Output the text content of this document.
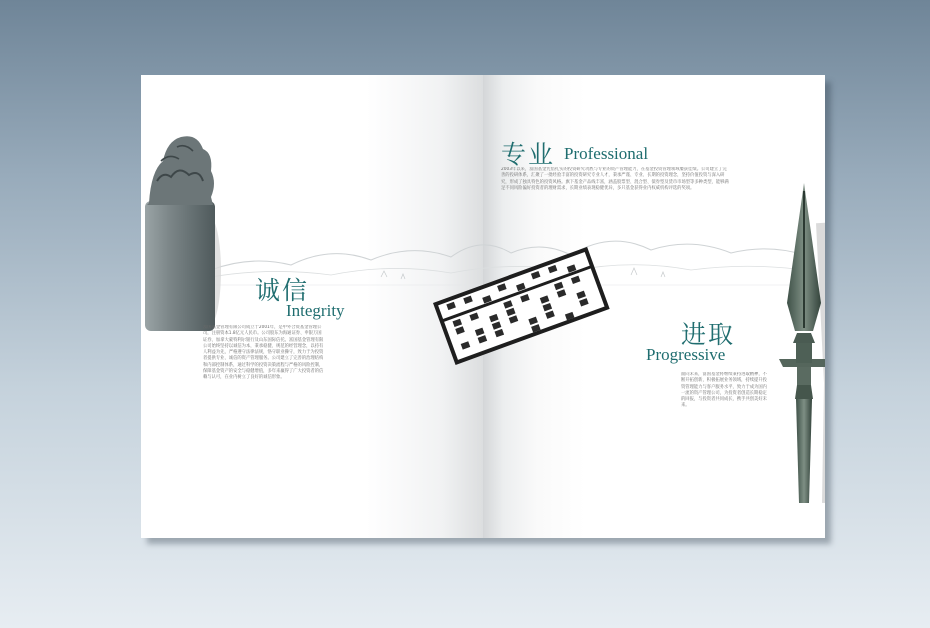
诚信
Integrity
富国基金管理有限公司成立于2001年，是中外合资基金管理公司，注册资本1.8亿元人民币。公司股东为海通证券、申银万国证券、加拿大蒙特利尔银行及山东国际信托。富国基金管理有限公司始终坚持以诚信为本，秉承稳健、规范的经营理念，以持有人利益为先，严格遵守法律法规，恪守职业操守，致力于为投资者提供专业、诚信的资产管理服务。公司建立了完善的治理结构和内部控制体系，通过科学的投资决策流程与严格的风险控制，保障基金资产的安全与稳健增值，多年来赢得了广大投资者的信赖与认可，在业内树立了良好的诚信形象。
专业 Professional
2003年以来，富国基金凭借扎实的投资研究功底与专业的资产管理能力，在基金投资管理领域屡获佳绩。公司建立了完善的投研体系，汇聚了一批经验丰富的投资研究专业人才，秉承严谨、专业、长期的投资理念，坚持价值投资与深入研究，形成了独具特色的投资风格。旗下基金产品线丰富，涵盖股票型、混合型、债券型及货币市场型等多种类型，能够满足不同风险偏好投资者的理财需求，长期业绩表现稳健优异，多只基金获得业内权威机构评选的奖项。
进取
Progressive
面向未来，富国基金将继续秉持进取精神，不断开拓创新，积极拓展业务领域，持续提升投资管理能力与客户服务水平，致力于成为国内一流的资产管理公司，为投资者创造长期稳定的回报，与投资者共同成长，携手共创美好未来。
